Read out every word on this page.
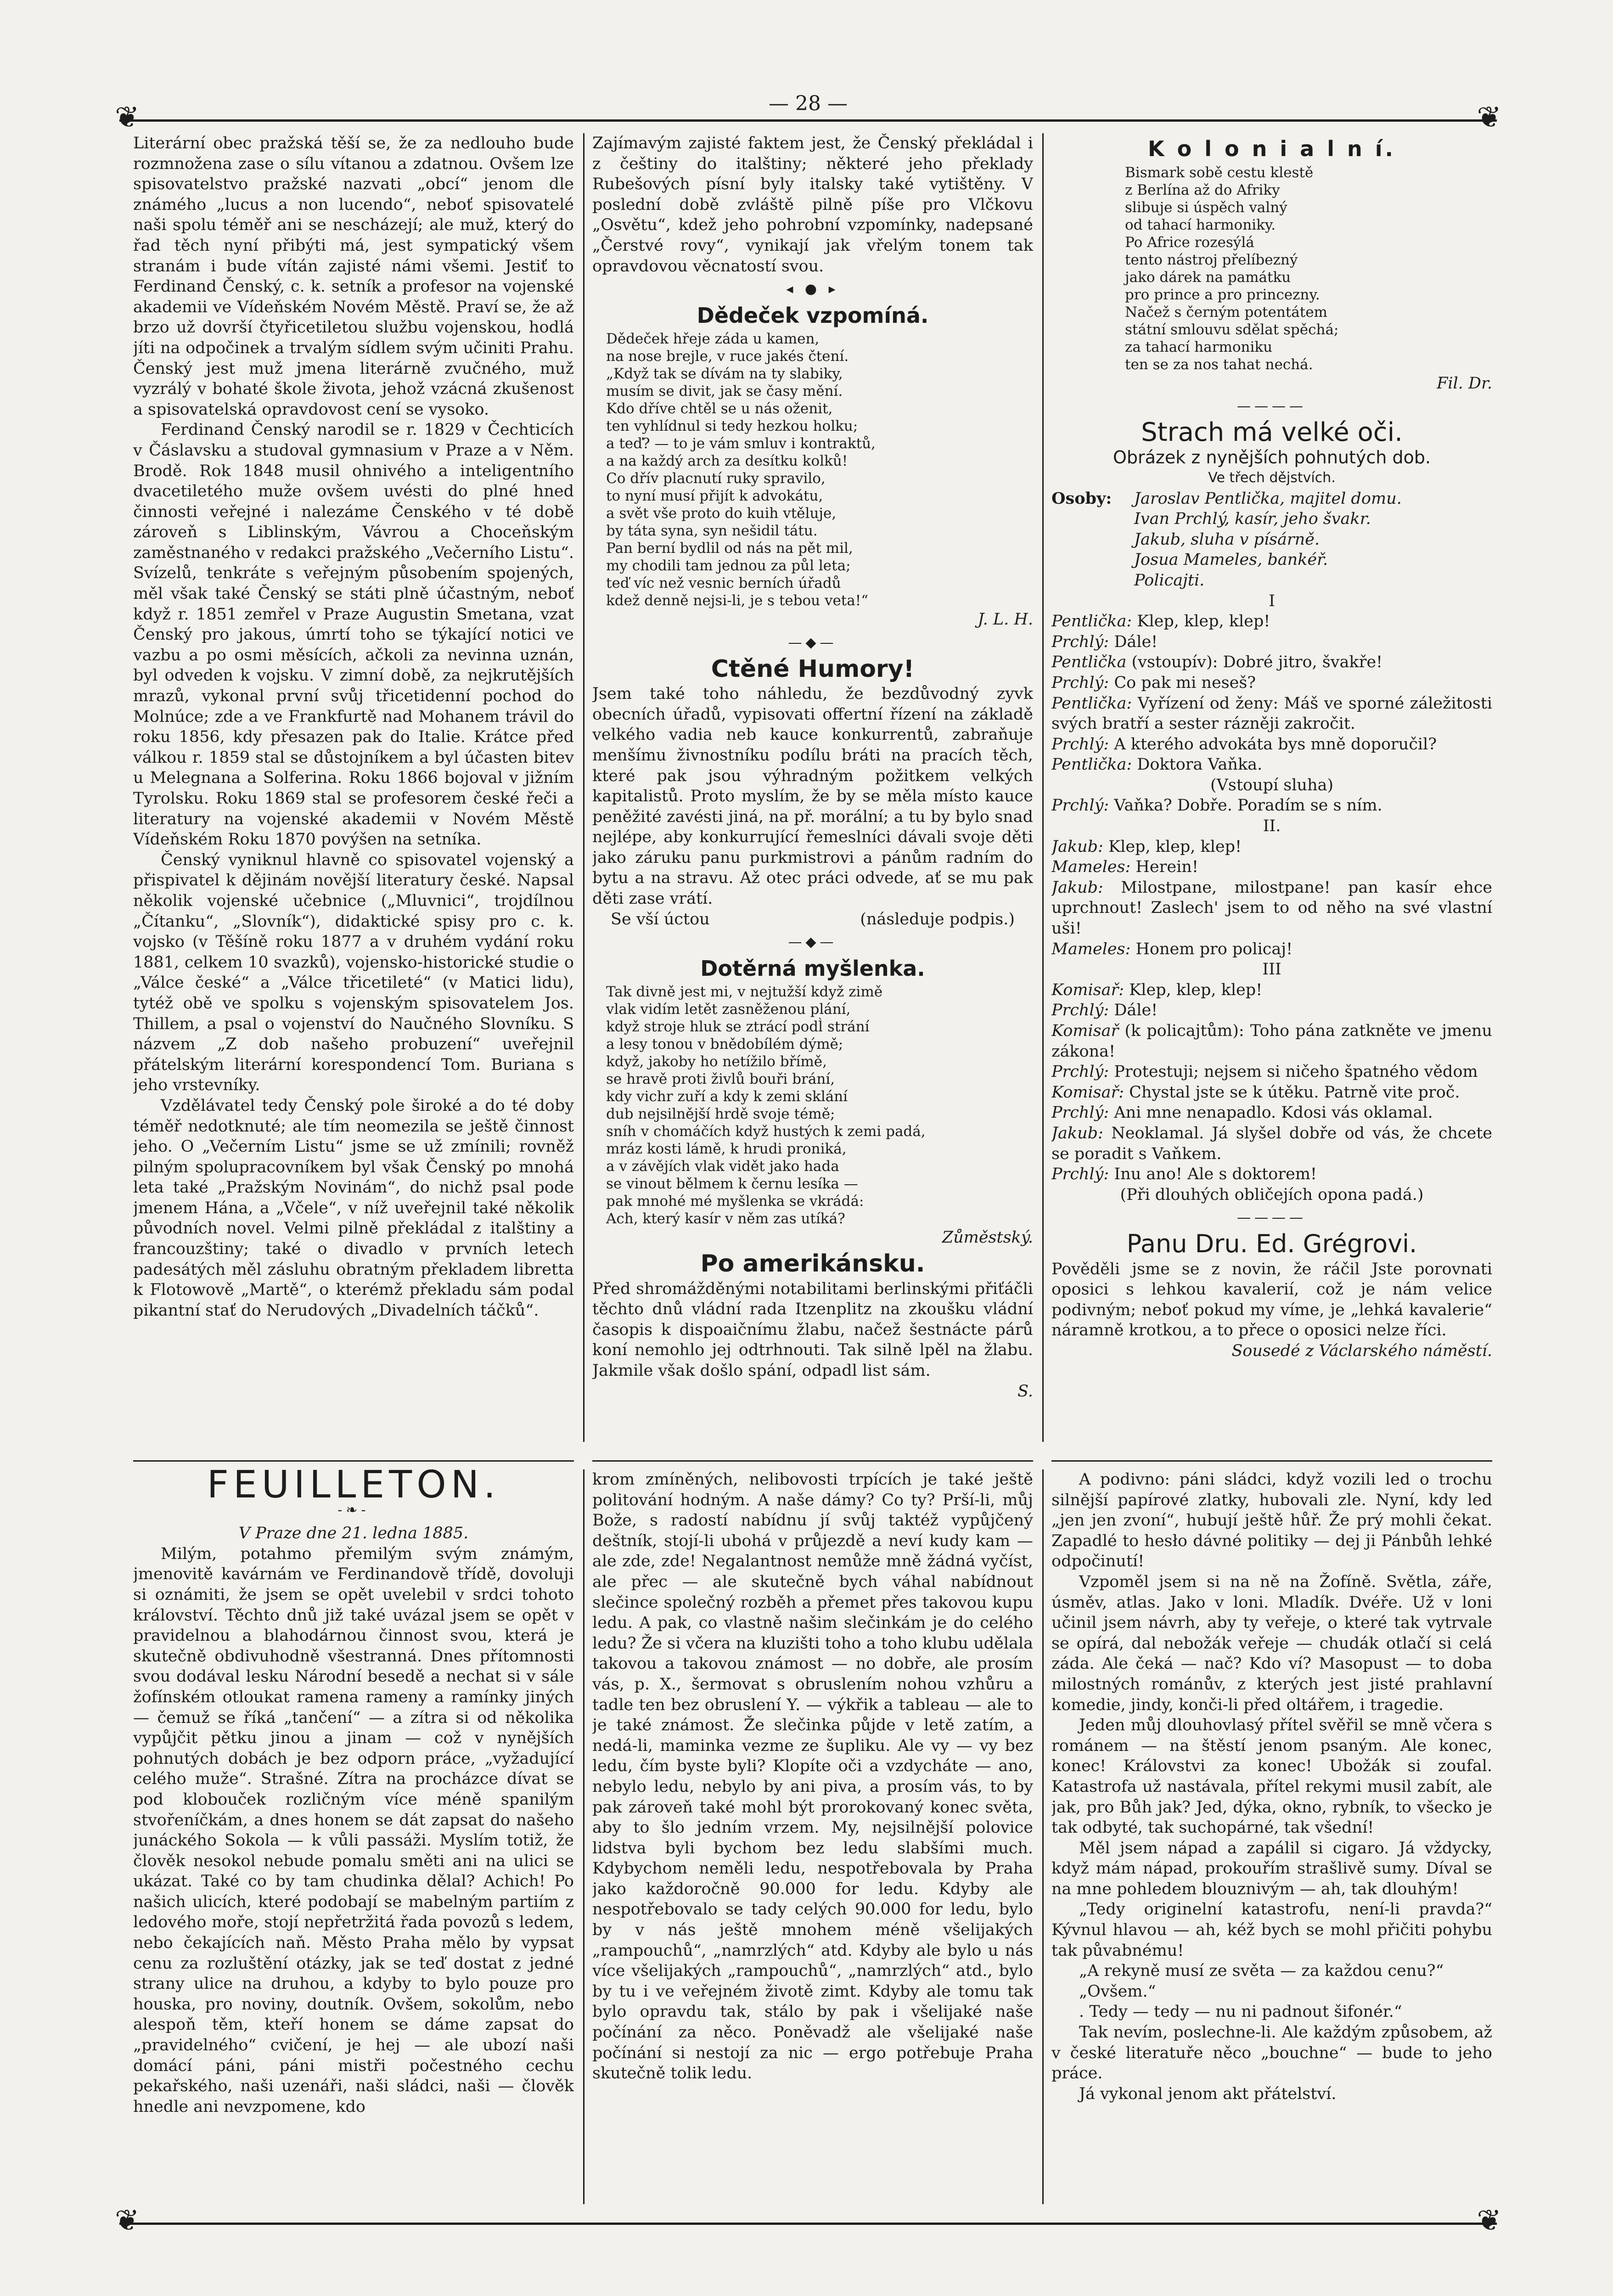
— 28 —
❦	❦

Literární obec pražská těší se, že za nedlouho bude rozmnožena zase o sílu vítanou a zdatnou. Ovšem lze spisovatelstvo pražské nazvati „obcí“ jenom dle známého „lucus a non lucendo“, neboť spisovatelé naši spolu téměř ani se nescházejí; ale muž, který do řad těch nyní přibýti má, jest sympatický všem stranám i bude vítán zajisté námi všemi. Jestiť to Ferdinand Čenský, c. k. setník a profesor na vojenské akademii ve Vídeňském Novém Městě. Praví se, že až brzo už dovrší čtyřicetiletou službu vojenskou, hodlá jíti na odpočinek a trvalým sídlem svým učiniti Prahu. Čenský jest muž jmena literárně zvučného, muž vyzrálý v bohaté škole života, jehož vzácná zkušenost a spisovatelská opravdovost cení se vysoko.

Ferdinand Čenský narodil se r. 1829 v Čechticích v Čáslavsku a studoval gymnasium v Praze a v Něm. Brodě. Rok 1848 musil ohnivého a inteligentního dvacetiletého muže ovšem uvésti do plné hned činnosti veřejné i nalezáme Čenského v té době zároveň s Liblinským, Vávrou a Choceňským zaměstnaného v redakci pražského „Večerního Listu“. Svízelů, tenkráte s veřejným působením spojených, měl však také Čenský se státi plně účastným, neboť když r. 1851 zemřel v Praze Augustin Smetana, vzat Čenský pro jakous, úmrtí toho se týkající notici ve vazbu a po osmi měsících, ačkoli za nevinna uznán, byl odveden k vojsku. V zimní době, za nejkrutějších mrazů, vykonal první svůj třicetidenní pochod do Molnúce; zde a ve Frankfurtě nad Mohanem trávil do roku 1856, kdy přesazen pak do Italie. Krátce před válkou r. 1859 stal se důstojníkem a byl účasten bitev u Melegnana a Solferina. Roku 1866 bojoval v jižním Tyrolsku. Roku 1869 stal se profesorem české řeči a literatury na vojenské akademii v Novém Městě Vídeňském Roku 1870 povýšen na setníka.

Čenský vyniknul hlavně co spisovatel vojenský a přispivatel k dějinám novější literatury české. Napsal několik vojenské učebnice („Mluvnici“, trojdílnou „Čítanku“, „Slovník“), didaktické spisy pro c. k. vojsko (v Těšíně roku 1877 a v druhém vydání roku 1881, celkem 10 svazků), vojensko-historické studie o „Válce české“ a „Válce třicetileté“ (v Matici lidu), tytéž obě ve spolku s vojenským spisovatelem Jos. Thillem, a psal o vojenství do Naučného Slovníku. S názvem „Z dob našeho probuzení“ uveřejnil přátelským literární korespondencí Tom. Buriana s jeho vrstevníky.

Vzdělávatel tedy Čenský pole široké a do té doby téměř nedotknuté; ale tím neomezila se ještě činnost jeho. O „Večerním Listu“ jsme se už zmínili; rovněž pilným spolupracovníkem byl však Čenský po mnohá leta také „Pražským Novinám“, do nichž psal pode jmenem Hána, a „Včele“, v níž uveřejnil také několik původních novel. Velmi pilně překládal z italštiny a francouzštiny; také o divadlo v prvních letech padesátých měl zásluhu obratným překladem libretta k Flotowově „Martě“, o kterémž překladu sám podal pikantní stať do Nerudových „Divadelních táčků“.

Zajímavým zajisté faktem jest, že Čenský překládal i z češtiny do italštiny; některé jeho překlady Rubešových písní byly italsky také vytištěny. V poslední době zvláště pilně píše pro Vlčkovu „Osvětu“, kdež jeho pohrobní vzpomínky, nadepsané „Čerstvé rovy“, vynikají jak vřelým tonem tak opravdovou věcnatostí svou.

◂ ● ▸
Dědeček vzpomíná.
Dědeček hřeje záda u kamen,
na nose brejle, v ruce jakés čtení.
„Když tak se dívám na ty slabiky,
musím se divit, jak se časy mění.
Kdo dříve chtěl se u nás oženit,
ten vyhlídnul si tedy hezkou holku;
a teď? — to je vám smluv i kontraktů,
a na každý arch za desítku kolků!
Co dřív placnutí ruky spravilo,
to nyní musí přijít k advokátu,
a svět vše proto do kuih vtěluje,
by táta syna, syn nešidil tátu.
Pan berní bydlil od nás na pět mil,
my chodili tam jednou za půl leta;
teď víc než vesnic berních úřadů
kdež denně nejsi-li, je s tebou veta!“
J. L. H.
—◆—
Ctěné Humory!

Jsem také toho náhledu, že bezdůvodný zyvk obecních úřadů, vypisovati offertní řízení na základě velkého vadia neb kauce konkurrentů, zabraňuje menšímu živnostníku podílu bráti na pracích těch, které pak jsou výhradným požitkem velkých kapitalistů. Proto myslím, že by se měla místo kauce peněžité zavésti jiná, na př. morální; a tu by bylo snad nejlépe, aby konkurrující řemeslníci dávali svoje děti jako záruku panu purkmistrovi a pánům radním do bytu a na stravu. Až otec práci odvede, ať se mu pak děti zase vrátí.

Se vší úctou	(následuje podpis.)
—◆—
Dotěrná myšlenka.
Tak divně jest mi, v nejtužší když zimě
vlak vidím letět zasněženou plání,
když stroje hluk se ztrácí podl̀ strání
a lesy tonou v bnědobílém dýmě;
když, jakoby ho netížilo břímě,
se hravě proti živlů bouři brání,
kdy vichr zuří a kdy k zemi sklání
dub nejsilnější hrdě svoje témě;
sníh v chomáčích když hustých k zemi padá,
mráz kosti lámě, k hrudi proniká,
a v závějích vlak vidět jako hada
se vinout bělmem k černu lesíka —
pak mnohé mé myšlenka se vkrádá:
Ach, který kasír v něm zas utíká?
Zůměstský.
Po amerikánsku.

Před shromážděnými notabilitami berlinskými přiťáčli těchto dnů vládní rada Itzenplitz na zkoušku vládní časopis k dispoaičnímu žlabu, načež šestnácte párů koní nemohlo jej odtrhnouti. Tak silně lpěl na žlabu. Jakmile však došlo spání, odpadl list sám.

S.
K o l o n i a l n í.
Bismark sobě cestu klestě
z Berlína až do Afriky
slibuje si úspěch valný
od tahací harmoniky.
Po Africe rozesýlá
tento nástroj přelíbezný
jako dárek na památku
pro prince a pro princezny.
Načež s černým potentátem
státní smlouvu sdělat spěchá;
za tahací harmoniku
ten se za nos tahat nechá.
Fil. Dr.
————
Strach má velké oči.
Obrázek z nynějších pohnutých dob.
Ve třech dějstvích.
Osoby:	Jaroslav Pentlička, majitel domu.
Ivan Prchlý, kasír, jeho švakr.
Jakub, sluha v písárně.
Josua Mameles, bankéř.
Policajti.
I

Pentlička: Klep, klep, klep!

Prchlý: Dále!

Pentlička (vstoupív): Dobré jitro, švakře!

Prchlý: Co pak mi neseš?

Pentlička: Vyřízení od ženy: Máš ve sporné záležitosti svých bratří a sester rázněji zakročit.

Prchlý: A kterého advokáta bys mně doporučil?

Pentlička: Doktora Vaňka.

(Vstoupí sluha)

Prchlý: Vaňka? Dobře. Poradím se s ním.

II.

Jakub: Klep, klep, klep!

Mameles: Herein!

Jakub: Milostpane, milostpane! pan kasír ehce uprchnout! Zaslech' jsem to od něho na své vlastní uši!

Mameles: Honem pro policaj!

III

Komisař: Klep, klep, klep!

Prchlý: Dále!

Komisař (k policajtům): Toho pána zatkněte ve jmenu zákona!

Prchlý: Protestuji; nejsem si ničeho špatného vědom

Komisař: Chystal jste se k útěku. Patrně vite proč.

Prchlý: Ani mne nenapadlo. Kdosi vás oklamal.

Jakub: Neoklamal. Já slyšel dobře od vás, že chcete se poradit s Vaňkem.

Prchlý: Inu ano! Ale s doktorem!

(Při dlouhých obličejích opona padá.)

————
Panu Dru. Ed. Grégrovi.

Pověděli jsme se z novin, že ráčil Jste porovnati oposici s lehkou kavalerií, což je nám velice podivným; neboť pokud my víme, je „lehká kavalerie“ náramně krotkou, a to přece o oposici nelze říci.

Sousedé z Václarského náměstí.
FEUILLETON.
-❧-
V Praze dne 21. ledna 1885.

Milým, potahmo přemilým svým známým, jmenovitě kavárnám ve Ferdinandově třídě, dovoluji si oznámiti, že jsem se opět uvelebil v srdci tohoto království. Těchto dnů již také uvázal jsem se opět v pravidelnou a blahodárnou činnost svou, která je skutečně obdivuhodně všestranná. Dnes přítomnosti svou dodával lesku Národní besedě a nechat si v sále žofínském otloukat ramena rameny a ramínky jiných — čemuž se říká „tančení“ — a zítra si od několika vypůjčit pětku jinou a jinam — což v nynějších pohnutých dobách je bez odporn práce, „vyžadující celého muže“. Strašné. Zítra na procházce dívat se pod klobouček rozličným více méně spanilým stvořeníčkám, a dnes honem se dát zapsat do našeho junáckého Sokola — k vůli passáži. Myslím totiž, že člověk nesokol nebude pomalu směti ani na ulici se ukázat. Také co by tam chudinka dělal? Achich! Po našich ulicích, které podobají se mabelným partiím z ledového moře, stojí nepřetržitá řada povozů s ledem, nebo čekajících naň. Město Praha mělo by vypsat cenu za rozluštění otázky, jak se teď dostat z jedné strany ulice na druhou, a kdyby to bylo pouze pro houska, pro noviny, doutník. Ovšem, sokolům, nebo alespoň těm, kteří honem se dáme zapsat do „pravidelného“ cvičení, je hej — ale ubozí naši domácí páni, páni mistři počestného cechu pekařského, naši uzenáři, naši sládci, naši — člověk hnedle ani nevzpomene, kdo

krom zmíněných, nelibovosti trpících je také ještě politování hodným. A naše dámy? Co ty? Prší-li, můj Bože, s radostí nabídnu jí svůj taktéž vypůjčený deštník, stojí-li ubohá v průjezdě a neví kudy kam — ale zde, zde! Negalantnost nemůže mně žádná vyčíst, ale přec — ale skutečně bych váhal nabídnout slečince společný rozběh a přemet přes takovou kupu ledu. A pak, co vlastně našim slečinkám je do celého ledu? Že si včera na kluzišti toho a toho klubu udělala takovou a takovou známost — no dobře, ale prosím vás, p. X., šermovat s obruslením nohou vzhůru a tadle ten bez obruslení Y. — výkřik a tableau — ale to je také známost. Že slečinka půjde v letě zatím, a nedá-li, maminka vezme ze šupliku. Ale vy — vy bez ledu, čím byste byli? Klopíte oči a vzdycháte — ano, nebylo ledu, nebylo by ani piva, a prosím vás, to by pak zároveň také mohl být prorokovaný konec světa, aby to šlo jedním vrzem. My, nejsilnější polovice lidstva byli bychom bez ledu slabšími much. Kdybychom neměli ledu, nespotřebovala by Praha jako každoročně 90.000 for ledu. Kdyby ale nespotřebovalo se tady celých 90.000 for ledu, bylo by v nás ještě mnohem méně všelijakých „rampouchů“, „namrzlých“ atd. Kdyby ale bylo u nás více všelijakých „rampouchů“, „namrzlých“ atd., bylo by tu i ve veřejném životě zimt. Kdyby ale tomu tak bylo opravdu tak, stálo by pak i všelijaké naše počínání za něco. Poněvadž ale všelijaké naše počínání si nestojí za nic — ergo potřebuje Praha skutečně tolik ledu.

A podivno: páni sládci, když vozili led o trochu silnější papírové zlatky, hubovali zle. Nyní, kdy led „jen jen zvoní“, hubují ještě hůř. Že prý mohli čekat. Zapadlé to hesło dávné politiky — dej ji Pánbůh lehké odpočinutí!

Vzpoměl jsem si na ně na Žofíně. Světla, záře, úsměv, atlas. Jako v loni. Mladík. Dvéře. Už v loni učinil jsem návrh, aby ty veřeje, o které tak vytrvale se opírá, dal nebožák veřeje — chudák otlačí si celá záda. Ale čeká — nač? Kdo ví? Masopust — to doba milostných románův, z kterých jest jisté prahlavní komedie, jindy, konči-li před oltářem, i tragedie.

Jeden můj dlouhovlasý přítel svěřil se mně včera s románem — na štěstí jenom psaným. Ale konec, konec! Královstvi za konec! Ubožák si zoufal. Katastrofa už nastávala, přítel rekymi musil zabít, ale jak, pro Bůh jak? Jed, dýka, okno, rybník, to všecko je tak odbyté, tak suchopárné, tak všední!

Měl jsem nápad a zapálil si cigaro. Já vždycky, když mám nápad, prokouřím strašlivě sumy. Díval se na mne pohledem blouznivým — ah, tak dlouhým!

„Tedy originelní katastrofu, není-li pravda?“ Kývnul hlavou — ah, kéž bych se mohl přičiti pohybu tak půvabnému!

„A rekyně musí ze světa — za každou cenu?“

„Ovšem.“

. Tedy — tedy — nu ni padnout šifonér.“

Tak nevím, poslechne-li. Ale každým způsobem, až v české literatuře něco „bouchne“ — bude to jeho práce.

Já vykonal jenom akt přátelství.

❦	❦
